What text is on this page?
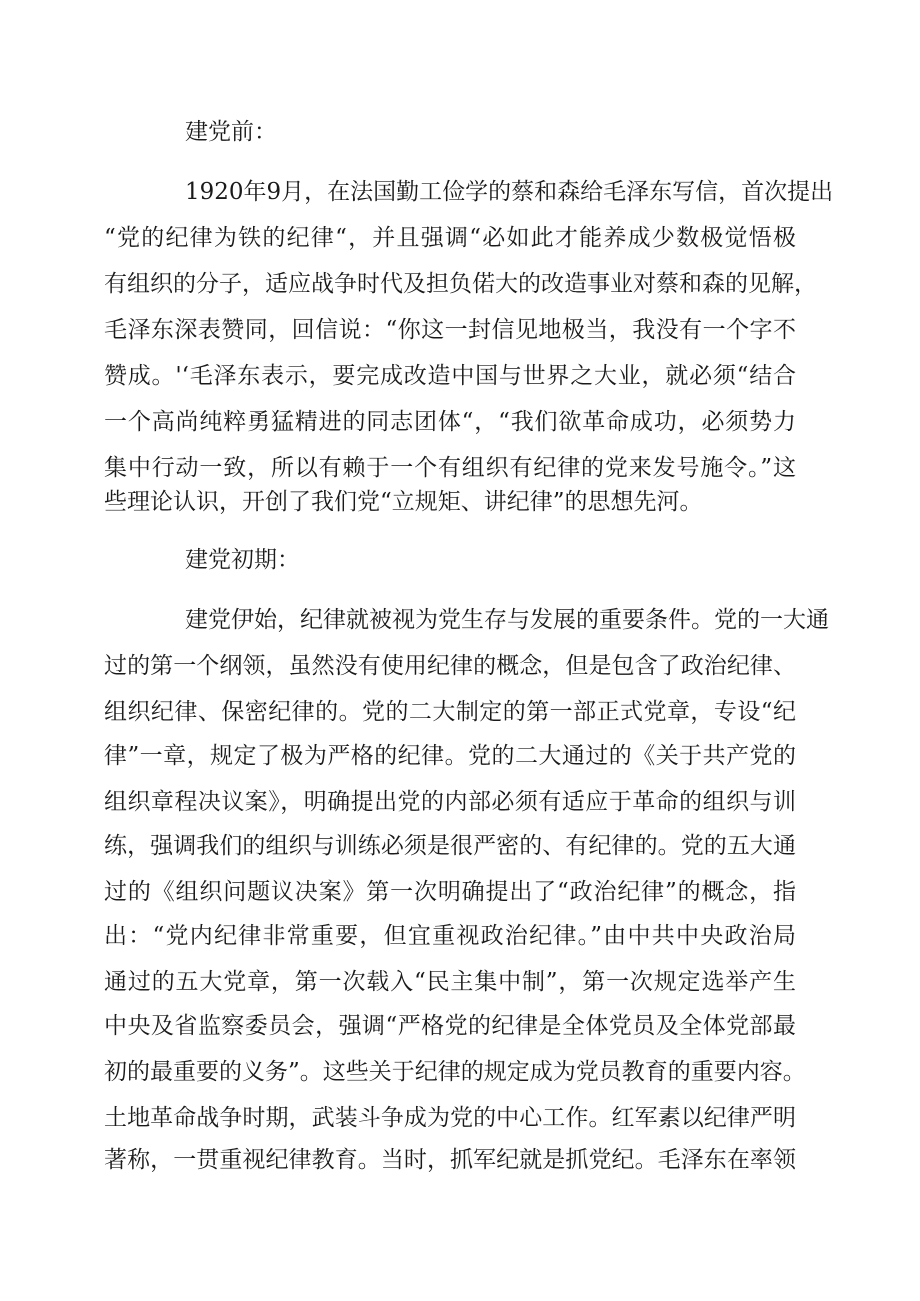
建党前：
1920年9月，在法国勤工俭学的蔡和森给毛泽东写信，首次提出
“党的纪律为铁的纪律“，并且强调“必如此才能养成少数极觉悟极
有组织的分子，适应战争时代及担负偌大的改造事业对蔡和森的见解，
毛泽东深表赞同，回信说：“你这一封信见地极当，我没有一个字不
赞成。'‘毛泽东表示，要完成改造中国与世界之大业，就必须“结合
一个高尚纯粹勇猛精进的同志团体“，“我们欲革命成功，必须势力
集中行动一致，所以有赖于一个有组织有纪律的党来发号施令。”这
些理论认识，开创了我们党“立规矩、讲纪律”的思想先河。
建党初期：
建党伊始，纪律就被视为党生存与发展的重要条件。党的一大通
过的第一个纲领，虽然没有使用纪律的概念，但是包含了政治纪律、
组织纪律、保密纪律的。党的二大制定的第一部正式党章，专设“纪
律”一章，规定了极为严格的纪律。党的二大通过的《关于共产党的
组织章程决议案》，明确提出党的内部必须有适应于革命的组织与训
练，强调我们的组织与训练必须是很严密的、有纪律的。党的五大通
过的《组织问题议决案》第一次明确提出了“政治纪律”的概念，指
出：“党内纪律非常重要，但宜重视政治纪律。”由中共中央政治局
通过的五大党章，第一次载入“民主集中制”，第一次规定选举产生
中央及省监察委员会，强调“严格党的纪律是全体党员及全体党部最
初的最重要的义务”。这些关于纪律的规定成为党员教育的重要内容。
土地革命战争时期，武装斗争成为党的中心工作。红军素以纪律严明
著称，一贯重视纪律教育。当时，抓军纪就是抓党纪。毛泽东在率领
